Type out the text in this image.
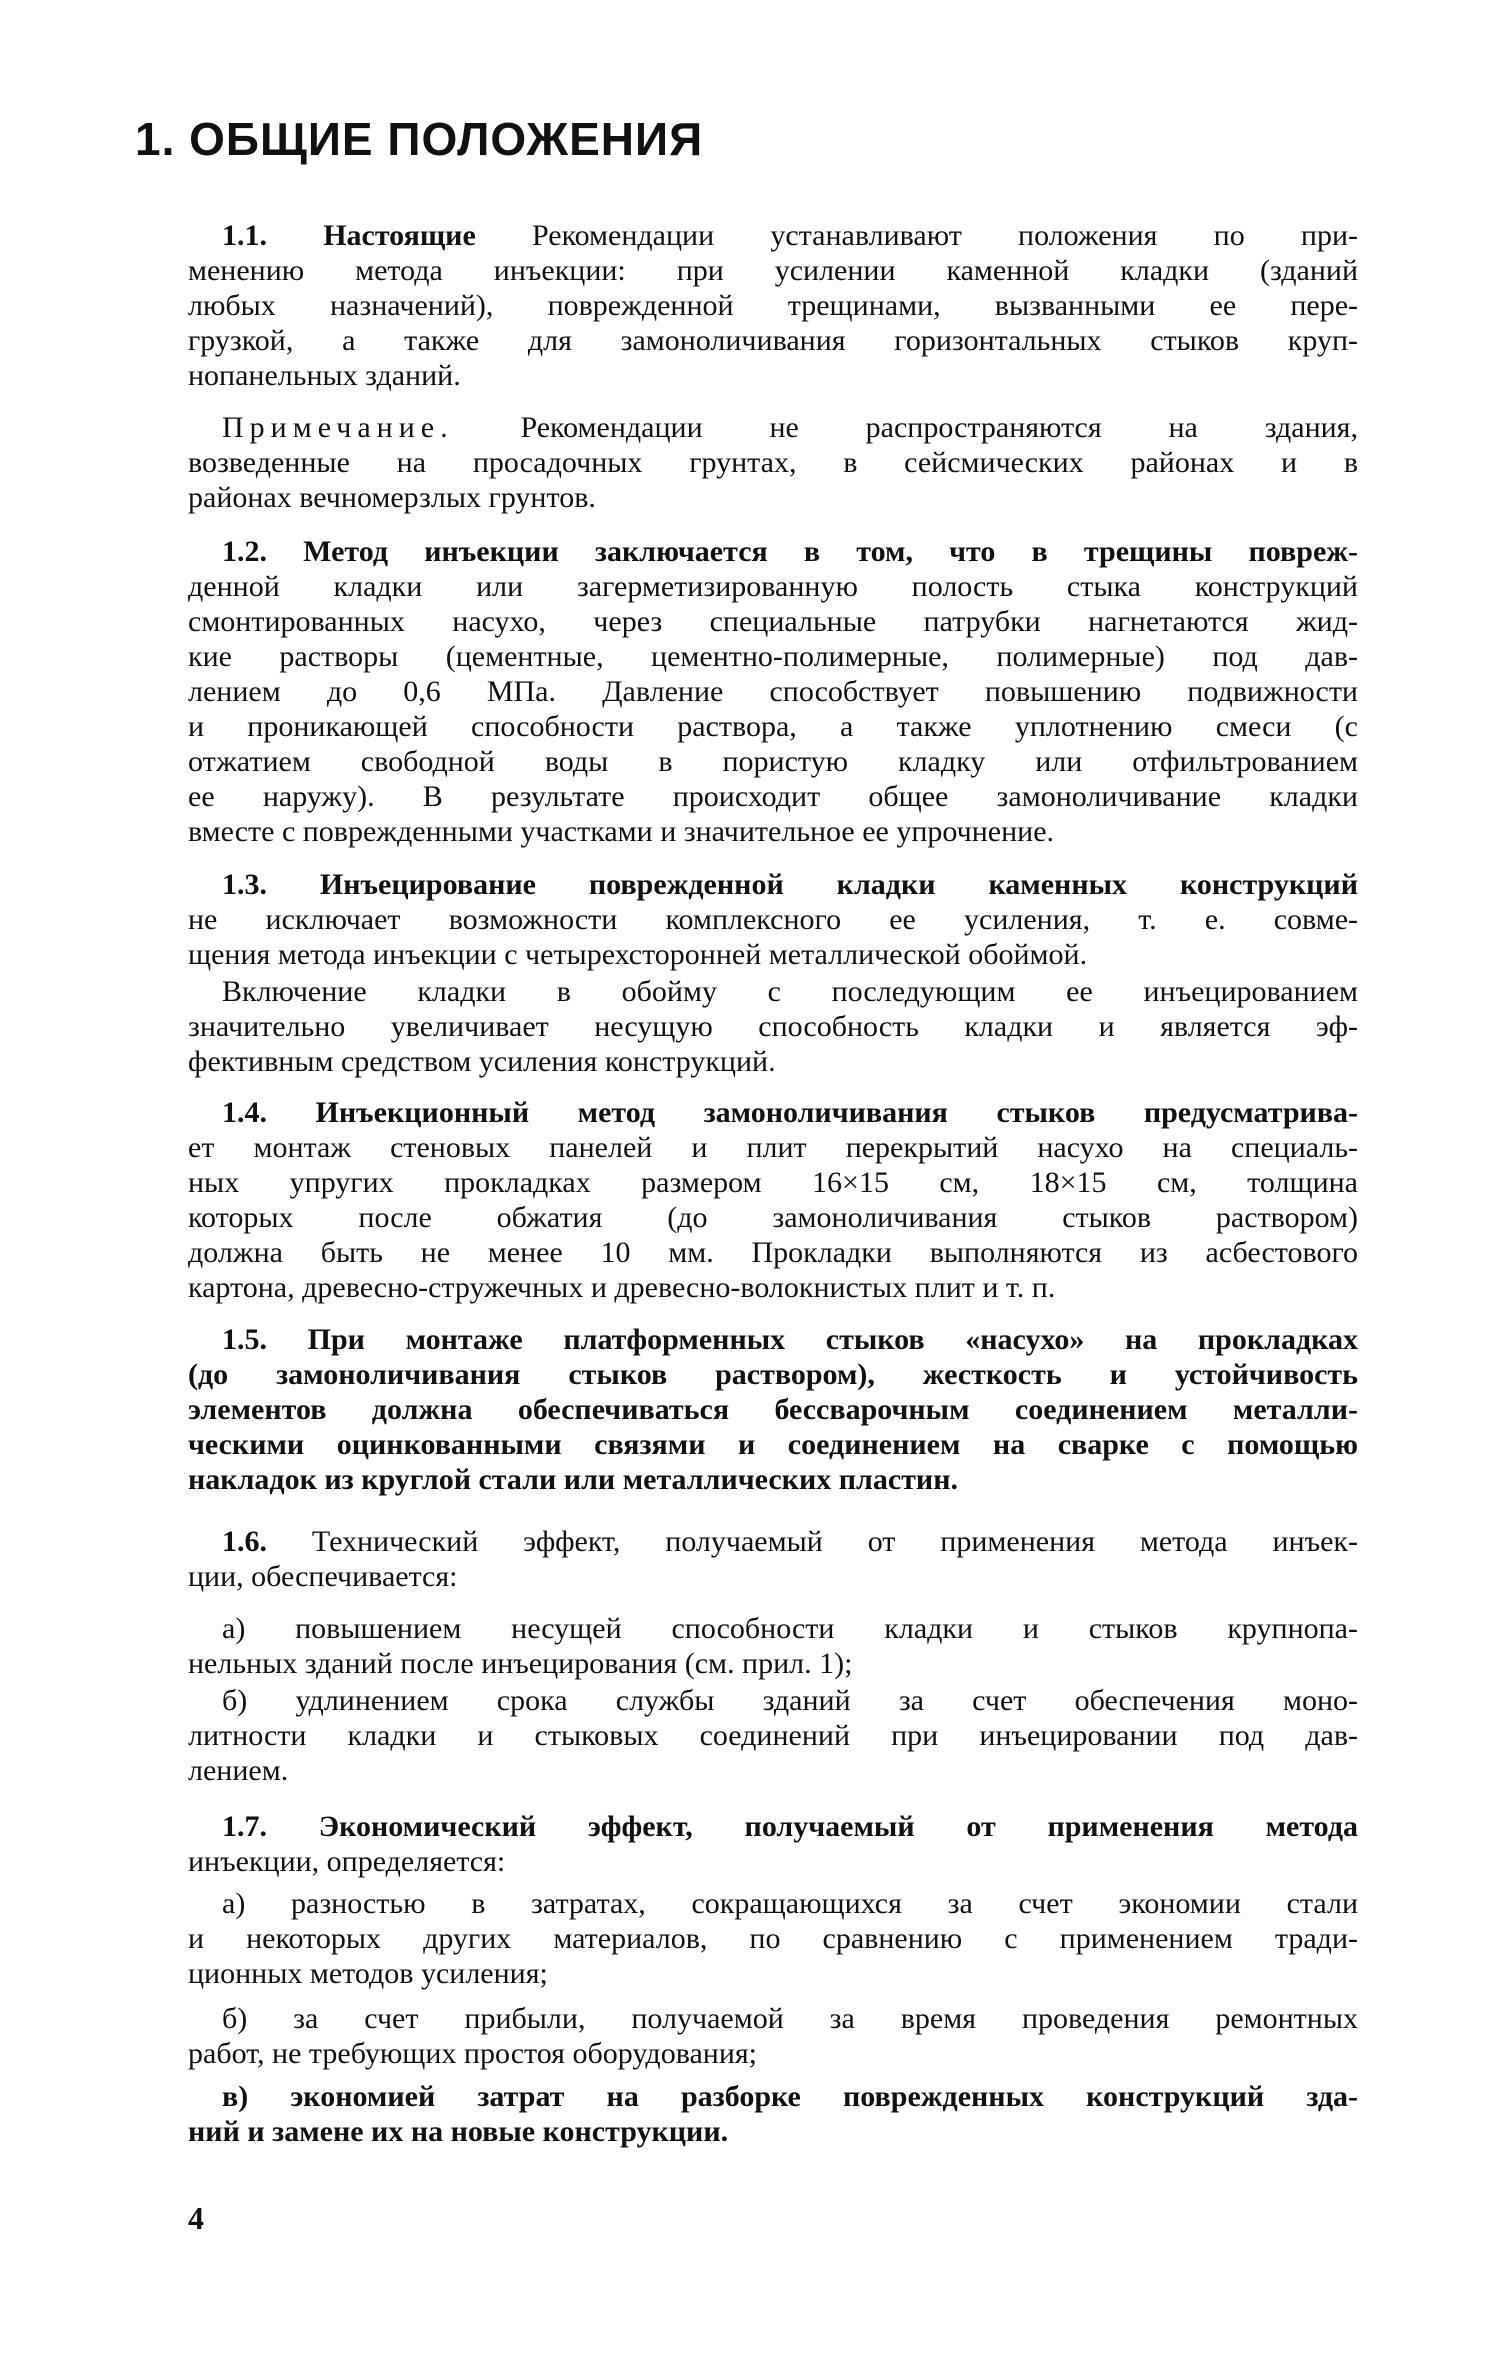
1. ОБЩИЕ ПОЛОЖЕНИЯ
1.1. Настоящие Рекомендации устанавливают положения по при-
менению метода инъекции: при усилении каменной кладки (зданий
любых назначений), поврежденной трещинами, вызванными ее пере-
грузкой, а также для замоноличивания горизонтальных стыков круп-
нопанельных зданий.
Примечание. Рекомендации не распространяются на здания,
возведенные на просадочных грунтах, в сейсмических районах и в
районах вечномерзлых грунтов.
1.2. Метод инъекции заключается в том, что в трещины повреж-
денной кладки или загерметизированную полость стыка конструкций
смонтированных насухо, через специальные патрубки нагнетаются жид-
кие растворы (цементные, цементно-полимерные, полимерные) под дав-
лением до 0,6 МПа. Давление способствует повышению подвижности
и проникающей способности раствора, а также уплотнению смеси (с
отжатием свободной воды в пористую кладку или отфильтрованием
ее наружу). В результате происходит общее замоноличивание кладки
вместе с поврежденными участками и значительное ее упрочнение.
1.3. Инъецирование поврежденной кладки каменных конструкций
не исключает возможности комплексного ее усиления, т. е. совме-
щения метода инъекции с четырехсторонней металлической обоймой.
Включение кладки в обойму с последующим ее инъецированием
значительно увеличивает несущую способность кладки и является эф-
фективным средством усиления конструкций.
1.4. Инъекционный метод замоноличивания стыков предусматрива-
ет монтаж стеновых панелей и плит перекрытий насухо на специаль-
ных упругих прокладках размером 16×15 см, 18×15 см, толщина
которых после обжатия (до замоноличивания стыков раствором)
должна быть не менее 10 мм. Прокладки выполняются из асбестового
картона, древесно-стружечных и древесно-волокнистых плит и т. п.
1.5. При монтаже платформенных стыков «насухо» на прокладках
(до замоноличивания стыков раствором), жесткость и устойчивость
элементов должна обеспечиваться бессварочным соединением металли-
ческими оцинкованными связями и соединением на сварке с помощью
накладок из круглой стали или металлических пластин.
1.6. Технический эффект, получаемый от применения метода инъек-
ции, обеспечивается:
а) повышением несущей способности кладки и стыков крупнопа-
нельных зданий после инъецирования (см. прил. 1);
б) удлинением срока службы зданий за счет обеспечения моно-
литности кладки и стыковых соединений при инъецировании под дав-
лением.
1.7. Экономический эффект, получаемый от применения метода
инъекции, определяется:
а) разностью в затратах, сокращающихся за счет экономии стали
и некоторых других материалов, по сравнению с применением тради-
ционных методов усиления;
б) за счет прибыли, получаемой за время проведения ремонтных
работ, не требующих простоя оборудования;
в) экономией затрат на разборке поврежденных конструкций зда-
ний и замене их на новые конструкции.
4
